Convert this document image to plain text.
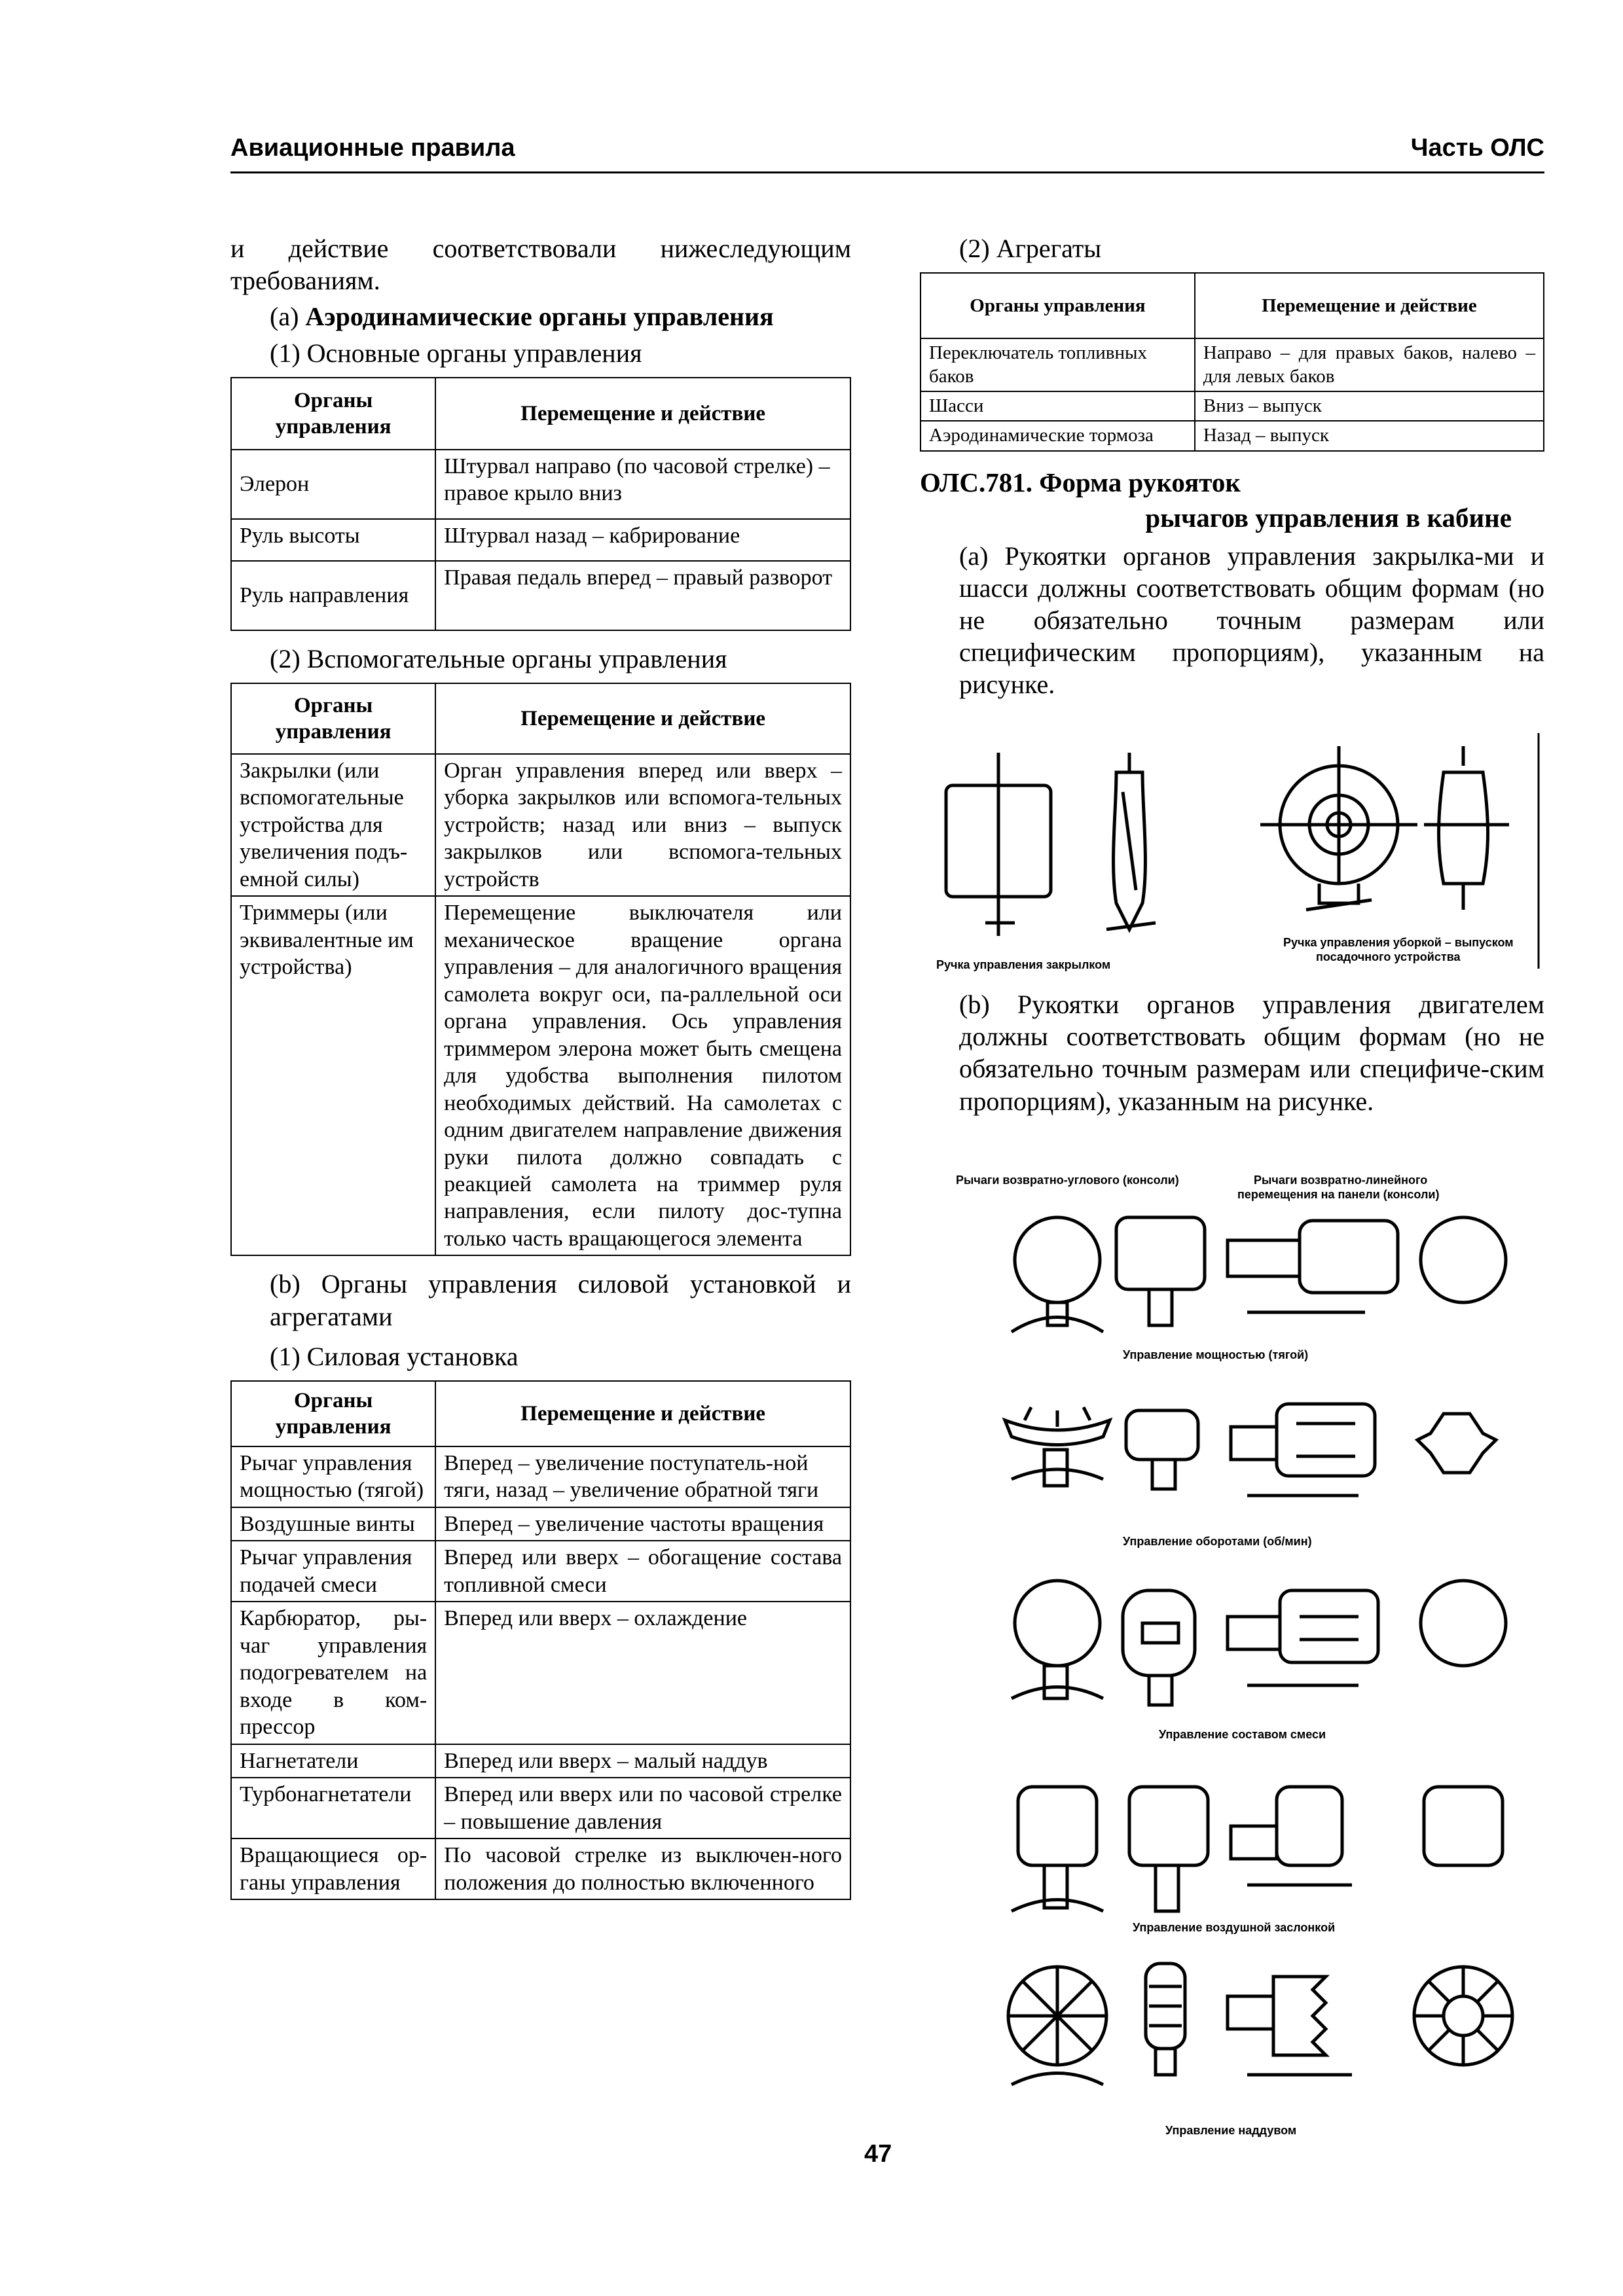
Авиационные правила	Часть ОЛС

и действие соответствовали нижеследующим требованиям.

(a) Аэродинамические органы управления

(1) Основные органы управления

Органы управления	Перемещение и действие
Элерон	Штурвал направо (по часовой стрелке) – правое крыло вниз
Руль высоты	Штурвал назад – кабрирование
Руль направления	Правая педаль вперед – правый разворот

(2) Вспомогательные органы управления

Органы управления	Перемещение и действие
Закрылки (или вспомогательные устройства для увеличения подъ-емной силы)	Орган управления вперед или вверх – уборка закрылков или вспомога-тельных устройств; назад или вниз – выпуск закрылков или вспомога-тельных устройств
Триммеры (или эквивалентные им устройства)	Перемещение выключателя или механическое вращение органа управления – для аналогичного вращения самолета вокруг оси, па-раллельной оси органа управления. Ось управления триммером элерона может быть смещена для удобства выполнения пилотом необходимых действий. На самолетах с одним двигателем направление движения руки пилота должно совпадать с реакцией самолета на триммер руля направления, если пилоту дос-тупна только часть вращающегося элемента

(b) Органы управления силовой установкой и агрегатами

(1) Силовая установка

Органы управления	Перемещение и действие
Рычаг управления мощностью (тягой)	Вперед – увеличение поступатель-ной тяги, назад – увеличение обратной тяги
Воздушные винты	Вперед – увеличение частоты вращения
Рычаг управления подачей смеси	Вперед или вверх – обогащение состава топливной смеси
Карбюратор, ры-чаг управления подогревателем на входе в ком-прессор	Вперед или вверх – охлаждение
Нагнетатели	Вперед или вверх – малый наддув
Турбонагнетатели	Вперед или вверх или по часовой стрелке – повышение давления
Вращающиеся ор-ганы управления	По часовой стрелке из выключен-ного положения до полностью включенного

(2) Агрегаты

Органы управления	Перемещение и действие
Переключатель топливных баков	Направо – для правых баков, налево – для левых баков
Шасси	Вниз – выпуск
Аэродинамические тормоза	Назад – выпуск

ОЛС.781. Форма рукояток

рычагов управления в кабине

(a) Рукоятки органов управления закрылка-ми и шасси должны соответствовать общим формам (но не обязательно точным размерам или специфическим пропорциям), указанным на рисунке.

Ручка управления закрылком
Ручка управления уборкой – выпуском
посадочного устройства

(b) Рукоятки органов управления двигателем должны соответствовать общим формам (но не обязательно точным размерам или специфиче-ским пропорциям), указанным на рисунке.

Рычаги возвратно-углового (консоли)	Рычаги возвратно-линейного
перемещения на панели (консоли)
Управление мощностью (тягой)
Управление оборотами (об/мин)
Управление составом смеси
Управление воздушной заслонкой
Управление наддувом
47
